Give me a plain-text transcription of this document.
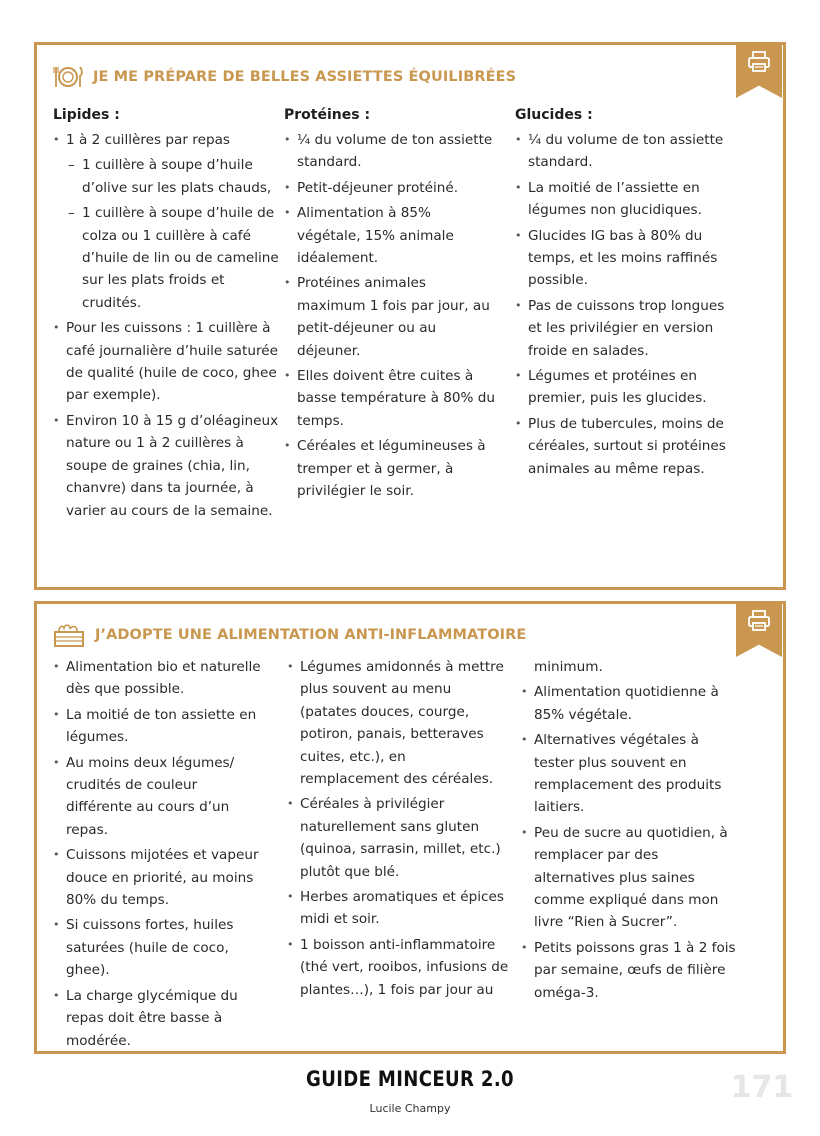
JE ME PRÉPARE DE BELLES ASSIETTES ÉQUILIBRÉES
Lipides :
• 1 à 2 cuillères par repas
– 1 cuillère à soupe d’huile d’olive sur les plats chauds,
– 1 cuillère à soupe d’huile de colza ou 1 cuillère à café d’huile de lin ou de cameline sur les plats froids et crudités.
• Pour les cuissons : 1 cuillère à café journalière d’huile saturée de qualité (huile de coco, ghee par exemple).
• Environ 10 à 15 g d’oléagineux nature ou 1 à 2 cuillères à soupe de graines (chia, lin, chanvre) dans ta journée, à varier au cours de la semaine.
Protéines :
• ¼ du volume de ton assiette standard.
• Petit-déjeuner protéiné.
• Alimentation à 85% végétale, 15% animale idéalement.
• Protéines animales maximum 1 fois par jour, au petit-déjeuner ou au déjeuner.
• Elles doivent être cuites à basse température à 80% du temps.
• Céréales et légumineuses à tremper et à germer, à privilégier le soir.
Glucides :
• ¼ du volume de ton assiette standard.
• La moitié de l’assiette en légumes non glucidiques.
• Glucides IG bas à 80% du temps, et les moins raffinés possible.
• Pas de cuissons trop longues et les privilégier en version froide en salades.
• Légumes et protéines en premier, puis les glucides.
• Plus de tubercules, moins de céréales, surtout si protéines animales au même repas.
J’ADOPTE UNE ALIMENTATION ANTI-INFLAMMATOIRE
• Alimentation bio et naturelle dès que possible.
• La moitié de ton assiette en légumes.
• Au moins deux légumes/ crudités de couleur différente au cours d’un repas.
• Cuissons mijotées et vapeur douce en priorité, au moins 80% du temps.
• Si cuissons fortes, huiles saturées (huile de coco, ghee).
• La charge glycémique du repas doit être basse à modérée.
• Légumes amidonnés à mettre plus souvent au menu (patates douces, courge, potiron, panais, betteraves cuites, etc.), en remplacement des céréales.
• Céréales à privilégier naturellement sans gluten (quinoa, sarrasin, millet, etc.) plutôt que blé.
• Herbes aromatiques et épices midi et soir.
• 1 boisson anti-inflammatoire (thé vert, rooibos, infusions de plantes…), 1 fois par jour au
minimum.
• Alimentation quotidienne à 85% végétale.
• Alternatives végétales à tester plus souvent en remplacement des produits laitiers.
• Peu de sucre au quotidien, à remplacer par des alternatives plus saines comme expliqué dans mon livre “Rien à Sucrer”.
• Petits poissons gras 1 à 2 fois par semaine, œufs de filière oméga-3.
GUIDE MINCEUR 2.0
Lucile Champy
171
